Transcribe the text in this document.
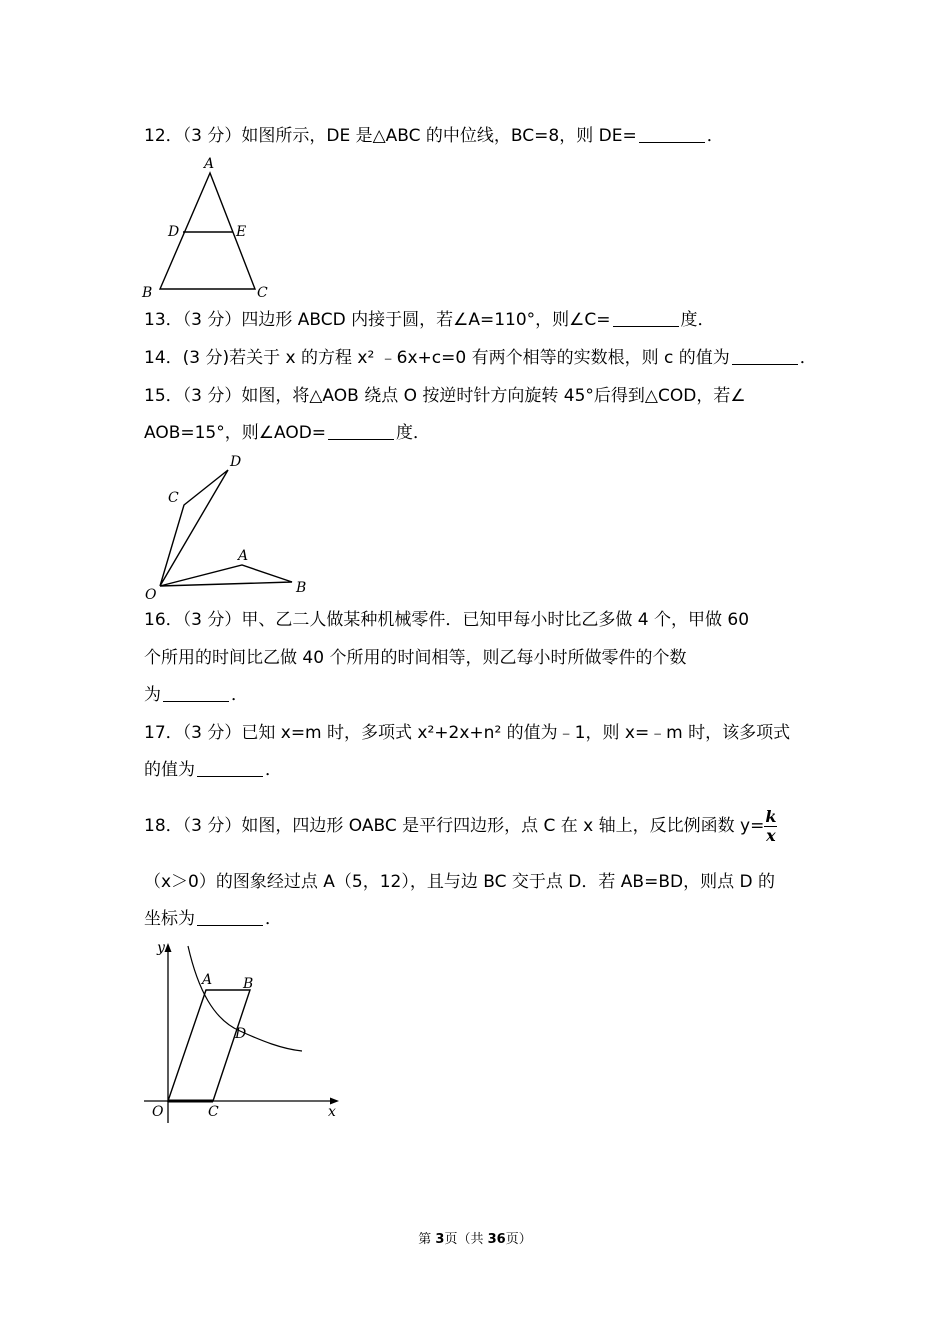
12．（3 分）如图所示，DE 是△ABC 的中位线，BC=8，则 DE=	．
A
D	E
B	C
13．（3 分）四边形 ABCD 内接于圆，若∠A=110°，则∠C=	度．
14．(3 分)若关于 x 的方程 x² ﹣6x+c=0 有两个相等的实数根，则 c 的值为	．
15．（3 分）如图，将△AOB 绕点 O 按逆时针方向旋转 45°后得到△COD，若∠
AOB=15°，则∠AOD=	度．
D
C
A
O	B
16．（3 分）甲、乙二人做某种机械零件．已知甲每小时比乙多做 4 个，甲做 60
个所用的时间比乙做 40 个所用的时间相等，则乙每小时所做零件的个数
为	．
17．（3 分）已知 x=m 时，多项式 x²+2x+n² 的值为﹣1，则 x=﹣m 时，该多项式
的值为	．
18．（3 分）如图，四边形 OABC 是平行四边形，点 C 在 x 轴上，反比例函数 $y= \frac{k}{x}$
（x＞0）的图象经过点 A（5，12），且与边 BC 交于点 D．若 AB=BD，则点 D 的
坐标为	．
y
A B
D
O	C	x
第 3页（共 36页）
